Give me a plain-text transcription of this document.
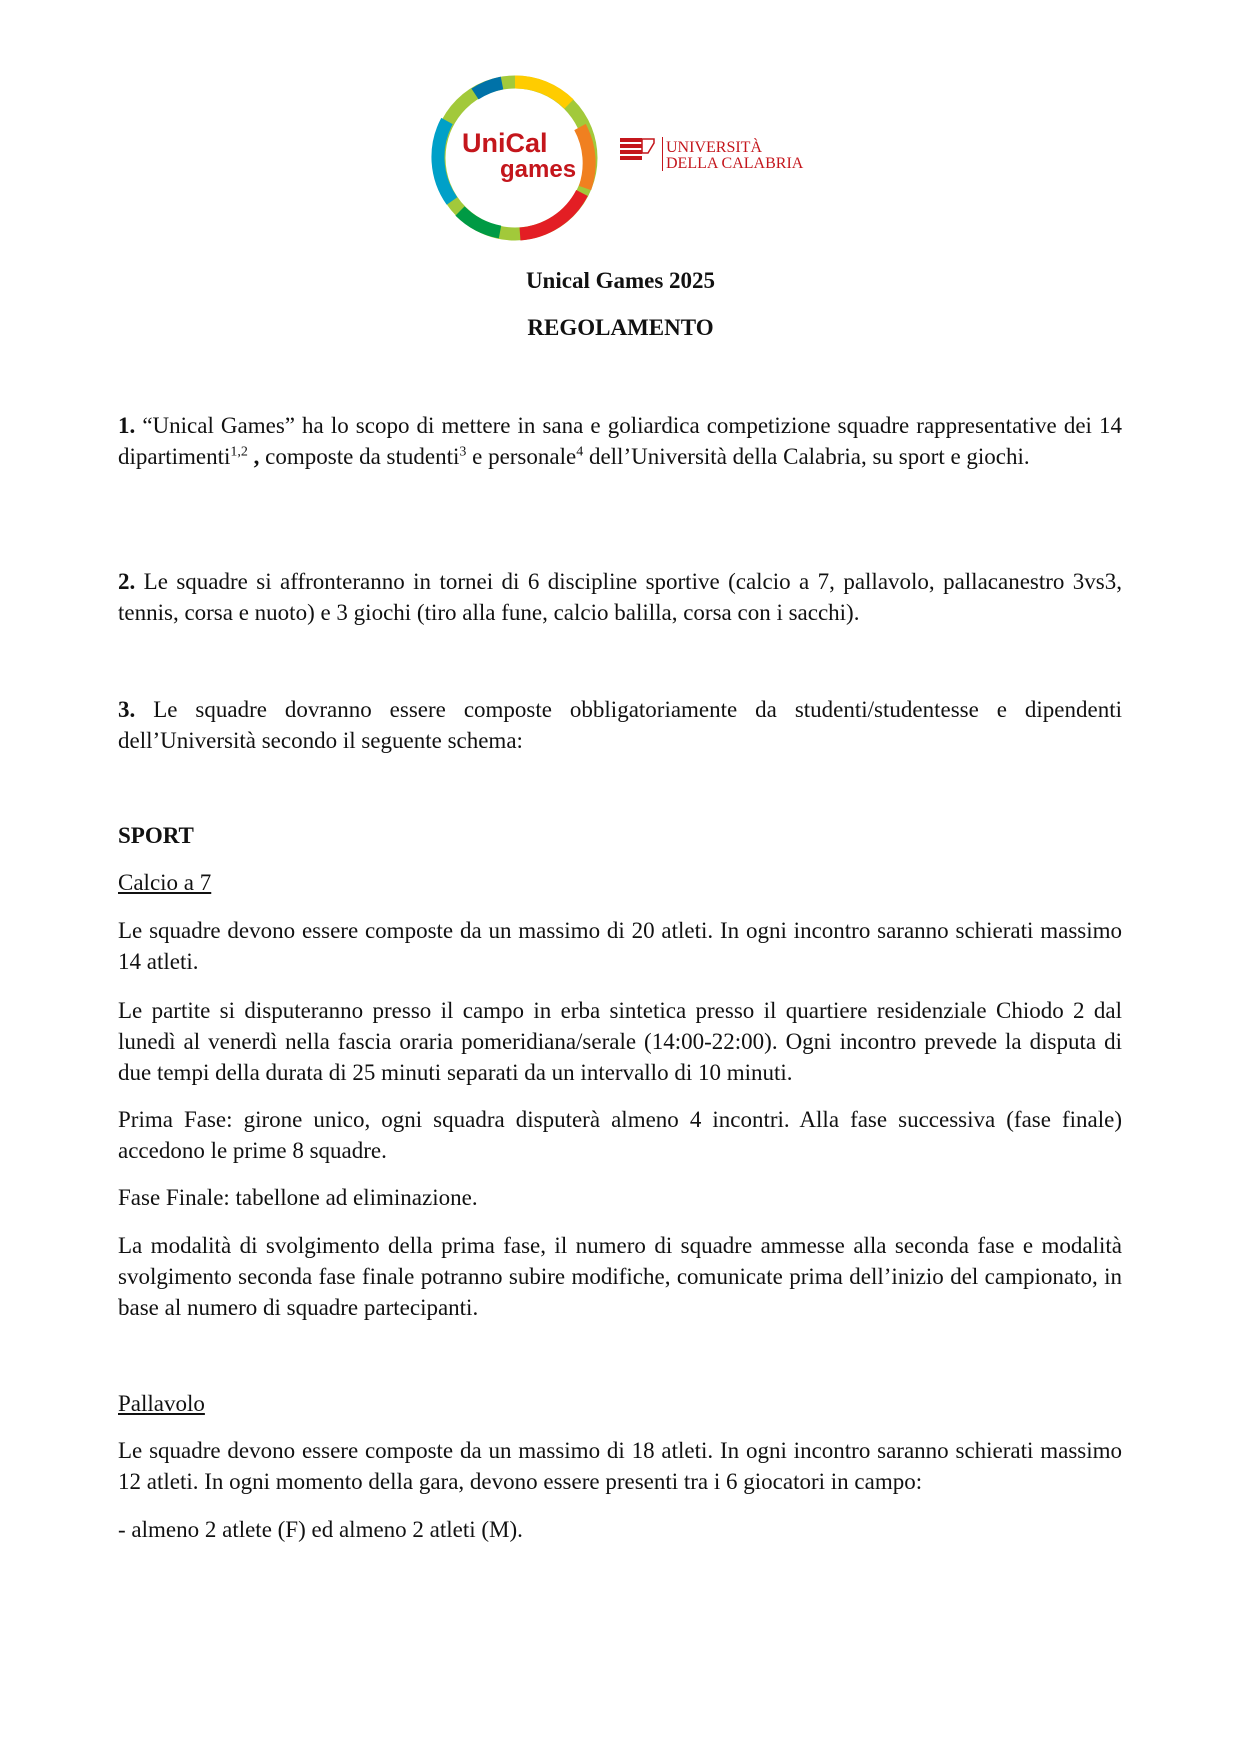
UniCal
games
UNIVERSITÀ
DELLA CALABRIA
Unical Games 2025
REGOLAMENTO
1. “Unical Games” ha lo scopo di mettere in sana e goliardica competizione squadre rappresentative dei 14 dipartimenti$^{1,2}$ , composte da studenti$^3$ e personale$^4$ dell’Università della Calabria, su sport e giochi.
2. Le squadre si affronteranno in tornei di 6 discipline sportive (calcio a 7, pallavolo, pallacanestro 3vs3, tennis, corsa e nuoto) e 3 giochi (tiro alla fune, calcio balilla, corsa con i sacchi).
3. Le squadre dovranno essere composte obbligatoriamente da studenti/studentesse e dipendenti dell’Università secondo il seguente schema:
SPORT
Calcio a 7
Le squadre devono essere composte da un massimo di 20 atleti. In ogni incontro saranno schierati massimo 14 atleti.
Le partite si disputeranno presso il campo in erba sintetica presso il quartiere residenziale Chiodo 2 dal lunedì al venerdì nella fascia oraria pomeridiana/serale (14:00-22:00). Ogni incontro prevede la disputa di due tempi della durata di 25 minuti separati da un intervallo di 10 minuti.
Prima Fase: girone unico, ogni squadra disputerà almeno 4 incontri. Alla fase successiva (fase finale) accedono le prime 8 squadre.
Fase Finale: tabellone ad eliminazione.
La modalità di svolgimento della prima fase, il numero di squadre ammesse alla seconda fase e modalità svolgimento seconda fase finale potranno subire modifiche, comunicate prima dell’inizio del campionato, in base al numero di squadre partecipanti.
Pallavolo
Le squadre devono essere composte da un massimo di 18 atleti. In ogni incontro saranno schierati massimo 12 atleti. In ogni momento della gara, devono essere presenti tra i 6 giocatori in campo:
- almeno 2 atlete (F) ed almeno 2 atleti (M).
